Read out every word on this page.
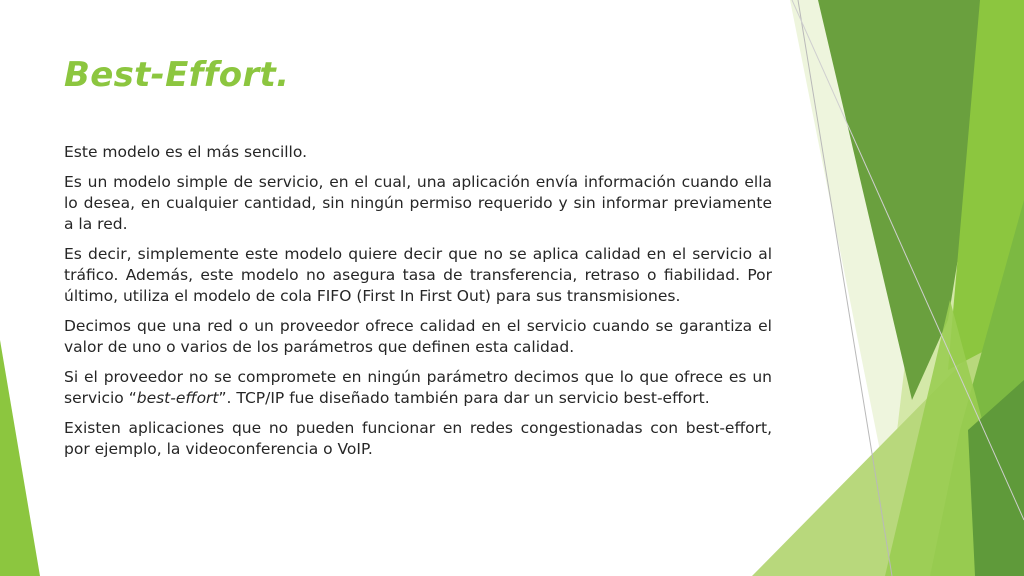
Best-Effort.

Este modelo es el más sencillo.

Es un modelo simple de servicio, en el cual, una aplicación envía información cuando ella lo desea, en cualquier cantidad, sin ningún permiso requerido y sin informar previamente a la red.

Es decir, simplemente este modelo quiere decir que no se aplica calidad en el servicio al tráfico. Además, este modelo no asegura tasa de transferencia, retraso o fiabilidad. Por último, utiliza el modelo de cola FIFO (First In First Out) para sus transmisiones.

Decimos que una red o un proveedor ofrece calidad en el servicio cuando se garantiza el valor de uno o varios de los parámetros que definen esta calidad.

Si el proveedor no se compromete en ningún parámetro decimos que lo que ofrece es un servicio “best-effort”. TCP/IP fue diseñado también para dar un servicio best-effort.

Existen aplicaciones que no pueden funcionar en redes congestionadas con best-effort, por ejemplo, la videoconferencia o VoIP.
